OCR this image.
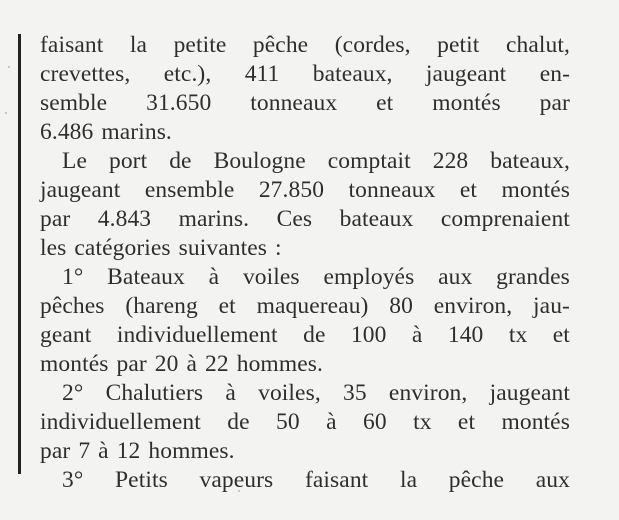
faisant la petite pêche (cordes, petit chalut,
crevettes, etc.), 411 bateaux, jaugeant en-
semble 31.650 tonneaux et montés par
6.486 marins.
Le port de Boulogne comptait 228 bateaux,
jaugeant ensemble 27.850 tonneaux et montés
par 4.843 marins. Ces bateaux comprenaient
les catégories suivantes :
1° Bateaux à voiles employés aux grandes
pêches (hareng et maquereau) 80 environ, jau-
geant individuellement de 100 à 140 tx et
montés par 20 à 22 hommes.
2° Chalutiers à voiles, 35 environ, jaugeant
individuellement de 50 à 60 tx et montés
par 7 à 12 hommes.
3° Petits vapeurs faisant la pêche aux
